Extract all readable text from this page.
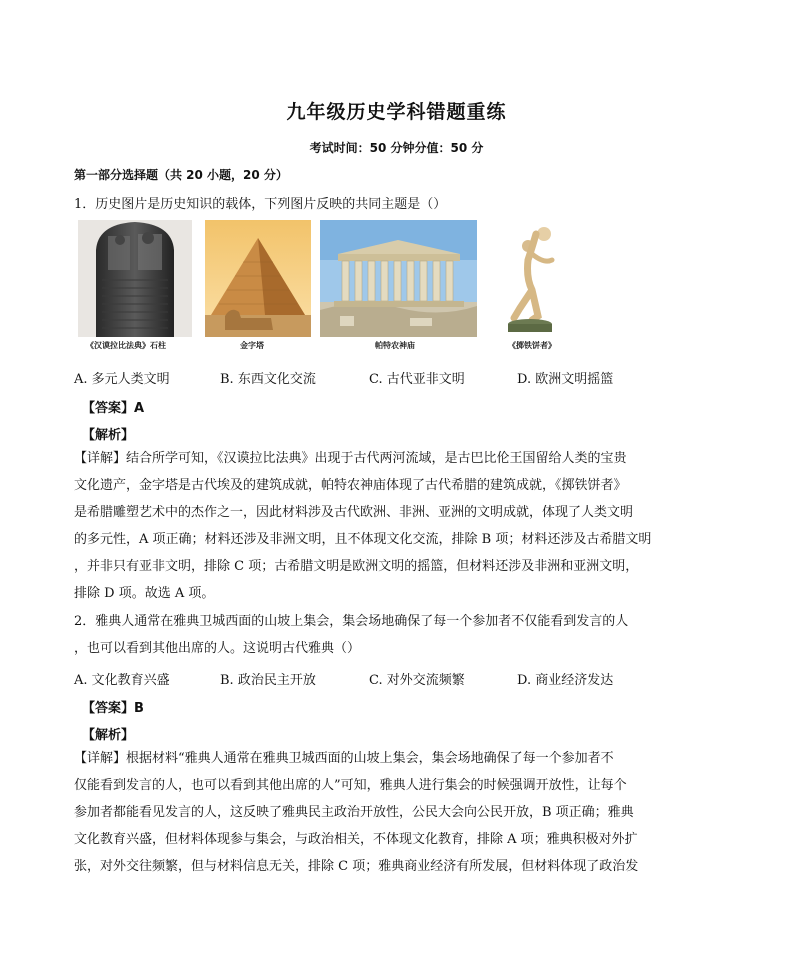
九年级历史学科错题重练
考试时间：50 分钟分值：50 分
第一部分选择题（共 20 小题，20 分）
1．历史图片是历史知识的载体，下列图片反映的共同主题是（）
《汉谟拉比法典》石柱	金字塔	帕特农神庙	《掷铁饼者》
A. 多元人类文明	B. 东西文化交流	C. 古代亚非文明	D. 欧洲文明摇篮
【答案】A
【解析】
【详解】结合所学可知，《汉谟拉比法典》出现于古代两河流域，是古巴比伦王国留给人类的宝贵
文化遗产，金字塔是古代埃及的建筑成就，帕特农神庙体现了古代希腊的建筑成就，《掷铁饼者》
是希腊雕塑艺术中的杰作之一，因此材料涉及古代欧洲、非洲、亚洲的文明成就，体现了人类文明
的多元性，A 项正确；材料还涉及非洲文明，且不体现文化交流，排除 B 项；材料还涉及古希腊文明
，并非只有亚非文明，排除 C 项；古希腊文明是欧洲文明的摇篮，但材料还涉及非洲和亚洲文明，
排除 D 项。故选 A 项。
2．雅典人通常在雅典卫城西面的山坡上集会，集会场地确保了每一个参加者不仅能看到发言的人
，也可以看到其他出席的人。这说明古代雅典（）
A. 文化教育兴盛	B. 政治民主开放	C. 对外交流频繁	D. 商业经济发达
【答案】B
【解析】
【详解】根据材料“雅典人通常在雅典卫城西面的山坡上集会，集会场地确保了每一个参加者不
仅能看到发言的人，也可以看到其他出席的人”可知，雅典人进行集会的时候强调开放性，让每个
参加者都能看见发言的人，这反映了雅典民主政治开放性，公民大会向公民开放，B 项正确；雅典
文化教育兴盛，但材料体现参与集会，与政治相关，不体现文化教育，排除 A 项；雅典积极对外扩
张，对外交往频繁，但与材料信息无关，排除 C 项；雅典商业经济有所发展，但材料体现了政治发
